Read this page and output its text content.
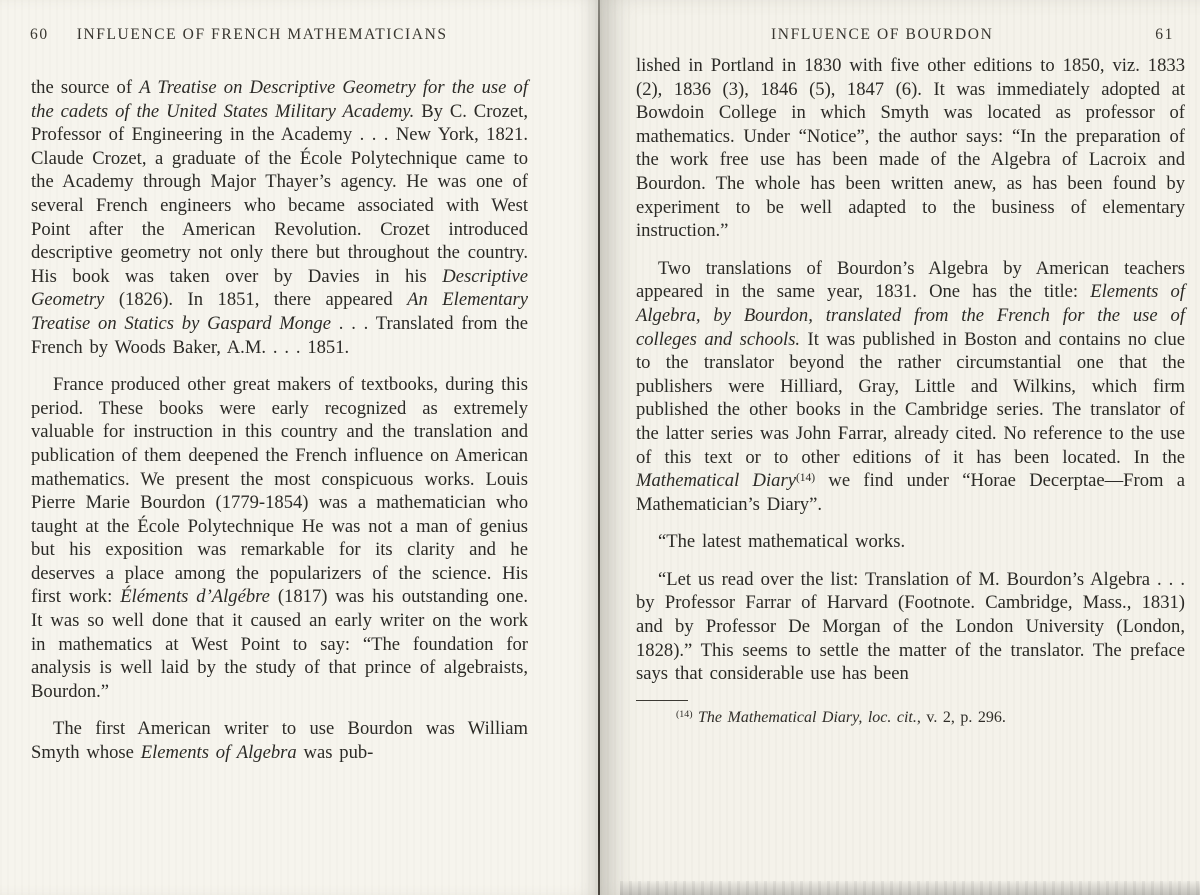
60 INFLUENCE OF FRENCH MATHEMATICIANS

the source of A Treatise on Descriptive Geometry for the use of the cadets of the United States Military Academy. By C. Crozet, Professor of Engineering in the Academy . . . New York, 1821. Claude Crozet, a graduate of the École Polytechnique came to the Academy through Major Thayer’s agency. He was one of several French engineers who became associated with West Point after the American Revolution. Crozet introduced descriptive geometry not only there but throughout the country. His book was taken over by Davies in his Descriptive Geometry (1826). In 1851, there appeared An Elementary Treatise on Statics by Gaspard Monge . . . Translated from the French by Woods Baker, A.M. . . . 1851.

France produced other great makers of textbooks, during this period. These books were early recognized as extremely valuable for instruction in this country and the translation and publication of them deepened the French influence on American mathematics. We present the most conspicuous works. Louis Pierre Marie Bourdon (1779-1854) was a mathematician who taught at the École Polytechnique He was not a man of genius but his exposition was remarkable for its clarity and he deserves a place among the popularizers of the science. His first work: Éléments d’Algébre (1817) was his outstanding one. It was so well done that it caused an early writer on the work in mathematics at West Point to say: “The foundation for analysis is well laid by the study of that prince of algebraists, Bourdon.”

The first American writer to use Bourdon was William Smyth whose Elements of Algebra was pub-

INFLUENCE OF BOURDON	61

lished in Portland in 1830 with five other editions to 1850, viz. 1833 (2), 1836 (3), 1846 (5), 1847 (6). It was immediately adopted at Bowdoin College in which Smyth was located as professor of mathematics. Under “Notice”, the author says: “In the preparation of the work free use has been made of the Algebra of Lacroix and Bourdon. The whole has been written anew, as has been found by experiment to be well adapted to the business of elementary instruction.”

Two translations of Bourdon’s Algebra by American teachers appeared in the same year, 1831. One has the title: Elements of Algebra, by Bourdon, translated from the French for the use of colleges and schools. It was published in Boston and contains no clue to the translator beyond the rather circumstantial one that the publishers were Hilliard, Gray, Little and Wilkins, which firm published the other books in the Cambridge series. The translator of the latter series was John Farrar, already cited. No reference to the use of this text or to other editions of it has been located. In the Mathematical Diary$^{(14)}$ we find under “Horae Decerptae—From a Mathematician’s Diary”.

“The latest mathematical works.

“Let us read over the list: Translation of M. Bourdon’s Algebra . . . by Professor Farrar of Harvard (Footnote. Cambridge, Mass., 1831) and by Professor De Morgan of the London University (London, 1828).” This seems to settle the matter of the translator. The preface says that considerable use has been

$^{(14)}$ The Mathematical Diary, loc. cit., v. 2, p. 296.
